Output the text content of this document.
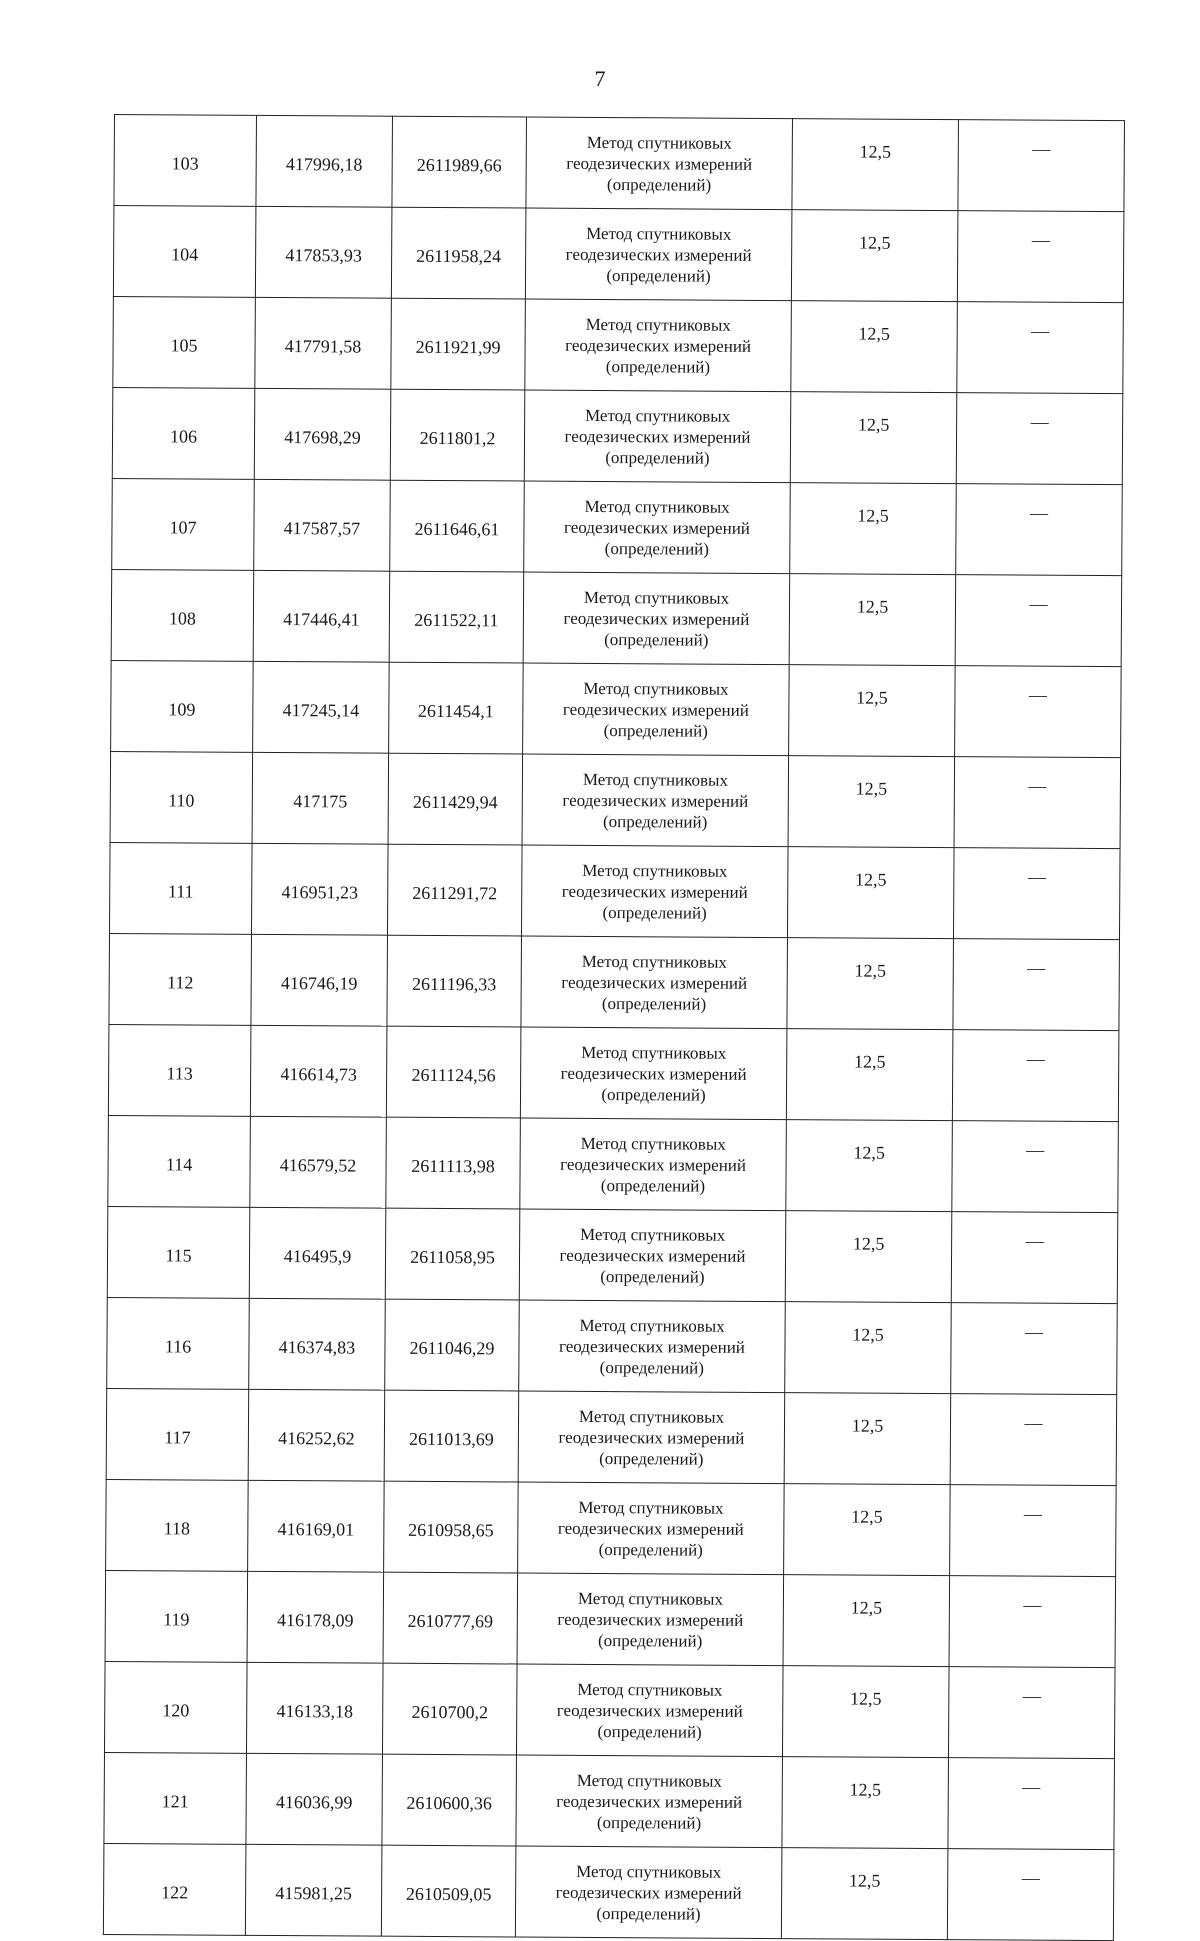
7
103	417996,18	2611989,66	Метод спутниковых
геодезических измерений
(определений)	12,5	—
104	417853,93	2611958,24	Метод спутниковых
геодезических измерений
(определений)	12,5	—
105	417791,58	2611921,99	Метод спутниковых
геодезических измерений
(определений)	12,5	—
106	417698,29	2611801,2	Метод спутниковых
геодезических измерений
(определений)	12,5	—
107	417587,57	2611646,61	Метод спутниковых
геодезических измерений
(определений)	12,5	—
108	417446,41	2611522,11	Метод спутниковых
геодезических измерений
(определений)	12,5	—
109	417245,14	2611454,1	Метод спутниковых
геодезических измерений
(определений)	12,5	—
110	417175	2611429,94	Метод спутниковых
геодезических измерений
(определений)	12,5	—
111	416951,23	2611291,72	Метод спутниковых
геодезических измерений
(определений)	12,5	—
112	416746,19	2611196,33	Метод спутниковых
геодезических измерений
(определений)	12,5	—
113	416614,73	2611124,56	Метод спутниковых
геодезических измерений
(определений)	12,5	—
114	416579,52	2611113,98	Метод спутниковых
геодезических измерений
(определений)	12,5	—
115	416495,9	2611058,95	Метод спутниковых
геодезических измерений
(определений)	12,5	—
116	416374,83	2611046,29	Метод спутниковых
геодезических измерений
(определений)	12,5	—
117	416252,62	2611013,69	Метод спутниковых
геодезических измерений
(определений)	12,5	—
118	416169,01	2610958,65	Метод спутниковых
геодезических измерений
(определений)	12,5	—
119	416178,09	2610777,69	Метод спутниковых
геодезических измерений
(определений)	12,5	—
120	416133,18	2610700,2	Метод спутниковых
геодезических измерений
(определений)	12,5	—
121	416036,99	2610600,36	Метод спутниковых
геодезических измерений
(определений)	12,5	—
122	415981,25	2610509,05	Метод спутниковых
геодезических измерений
(определений)	12,5	—
